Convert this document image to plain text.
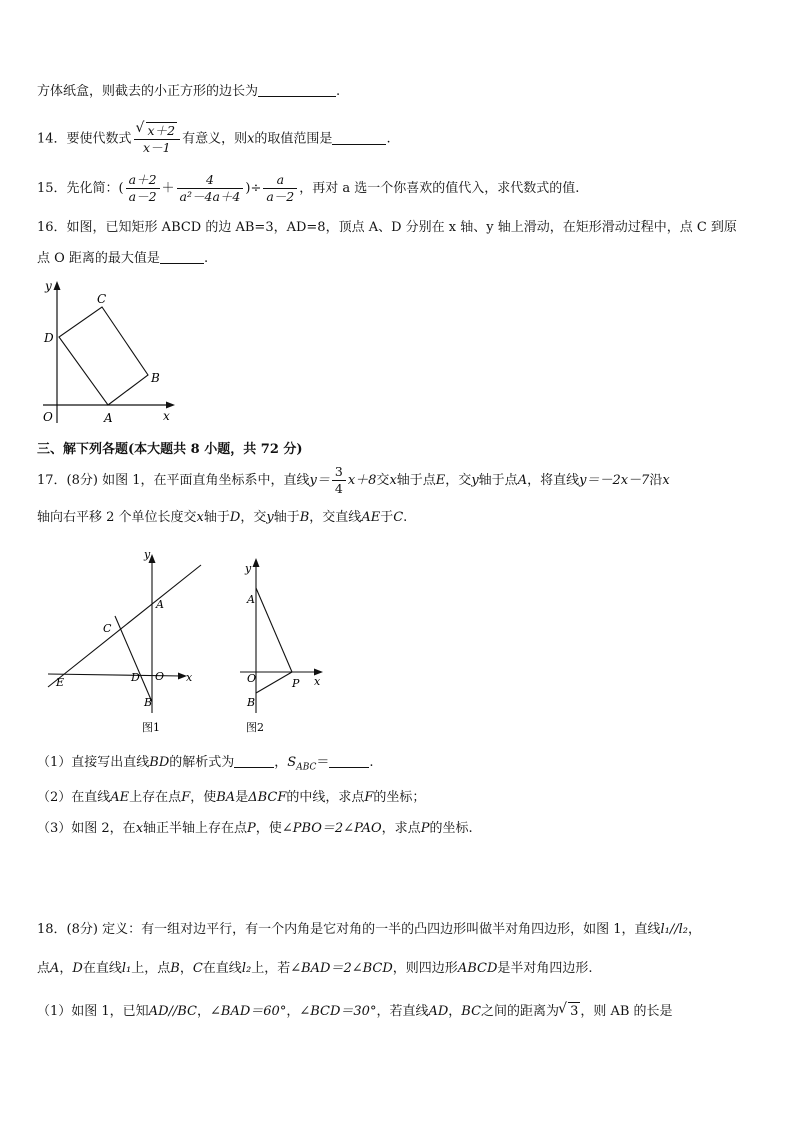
方体纸盒，则截去的小正方形的边长为	.
14．要使代数式 √ $\frac{x+2}{x-1}$ 有意义，则x的取值范围是	.
15．先化简：( $\frac{a+2}{a-2} + \frac{4}{\text{a²－4a＋4}}$ )÷ $\frac{a}{a-2}$ ，再对 a 选一个你喜欢的值代入，求代数式的值.
16．如图，已知矩形 ABCD 的边 AB=3，AD=8，顶点 A、D 分别在 x 轴、y 轴上滑动，在矩形滑动过程中，点 C 到原
点 O 距离的最大值是	.
y
x
O	A
B
C
D
三、解下列各题(本大题共 8 小题，共 72 分)
17．(8分) 如图 1，在平面直角坐标系中，直线$y= \frac{3}{4} x+8$交x轴于点E，交y轴于点A，将直线y＝－2x－7沿x
轴向右平移 2 个单位长度交x轴于D，交y轴于B，交直线AE于C.
y
x
A
C
E	D O
B
图1
y
x
A
O	P
B
图2
（1）直接写出直线BD的解析式为	，$S_{ABC}=$	.
（2）在直线AE上存在点F，使BA是ΔBCF的中线，求点F的坐标；
（3）如图 2，在x轴正半轴上存在点P，使∠PBO＝2∠PAO，求点P的坐标.
18．(8分) 定义：有一组对边平行，有一个内角是它对角的一半的凸四边形叫做半对角四边形，如图 1，直线l₁//l₂，
点A，D在直线l₁上，点B，C在直线l₂上，若∠BAD＝2∠BCD，则四边形ABCD是半对角四边形.
（1）如图 1，已知AD//BC，∠BAD＝60°，∠BCD＝30°，若直线AD，BC之间的距离为 √ 3 ，则 AB 的长是
